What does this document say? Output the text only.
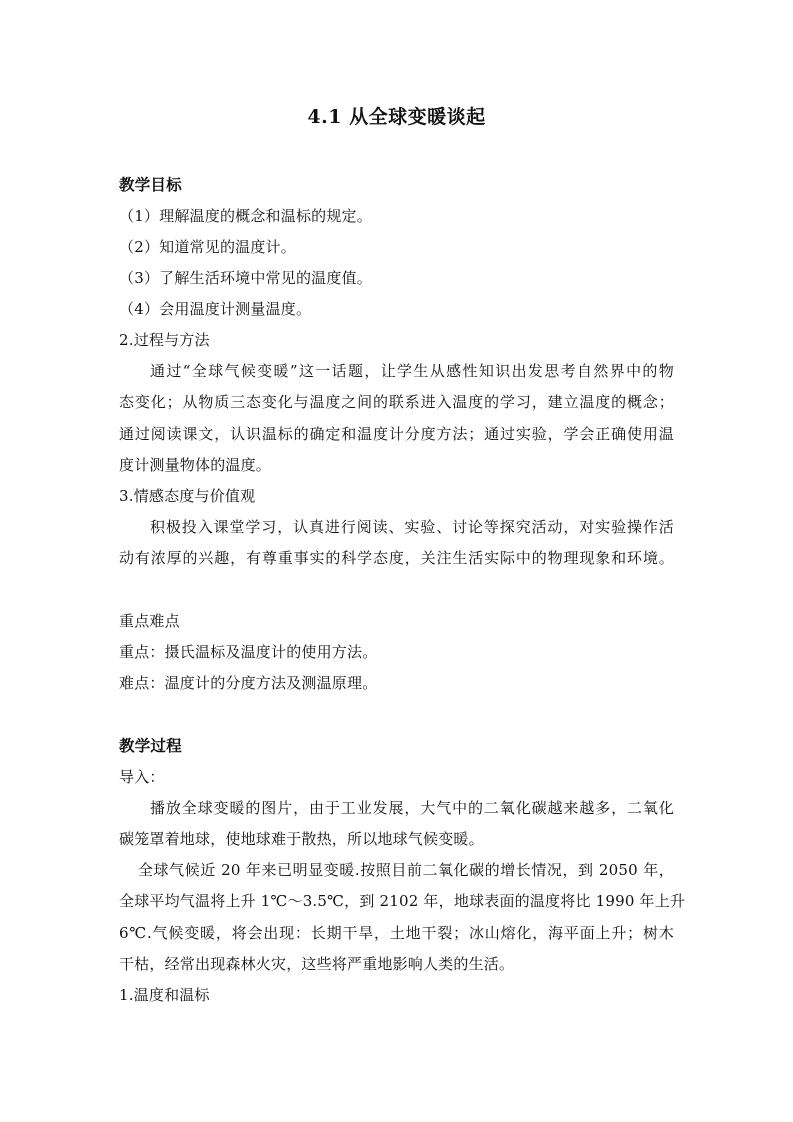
4.1 从全球变暖谈起
教学目标
（1）理解温度的概念和温标的规定。
（2）知道常见的温度计。
（3）了解生活环境中常见的温度值。
（4）会用温度计测量温度。
2.过程与方法
通过“全球气候变暖”这一话题，让学生从感性知识出发思考自然界中的物
态变化；从物质三态变化与温度之间的联系进入温度的学习，建立温度的概念；
通过阅读课文，认识温标的确定和温度计分度方法；通过实验，学会正确使用温
度计测量物体的温度。
3.情感态度与价值观
积极投入课堂学习，认真进行阅读、实验、讨论等探究活动，对实验操作活
动有浓厚的兴趣，有尊重事实的科学态度，关注生活实际中的物理现象和环境。
重点难点
重点：摄氏温标及温度计的使用方法。
难点：温度计的分度方法及测温原理。
教学过程
导入：
播放全球变暖的图片，由于工业发展，大气中的二氧化碳越来越多，二氧化
碳笼罩着地球，使地球难于散热，所以地球气候变暖。
全球气候近 20 年来已明显变暖.按照目前二氧化碳的增长情况，到 2050 年，
全球平均气温将上升 1℃～3.5℃，到 2102 年，地球表面的温度将比 1990 年上升
6℃.气候变暖，将会出现：长期干旱，土地干裂；冰山熔化，海平面上升；树木
干枯，经常出现森林火灾，这些将严重地影响人类的生活。
1.温度和温标
